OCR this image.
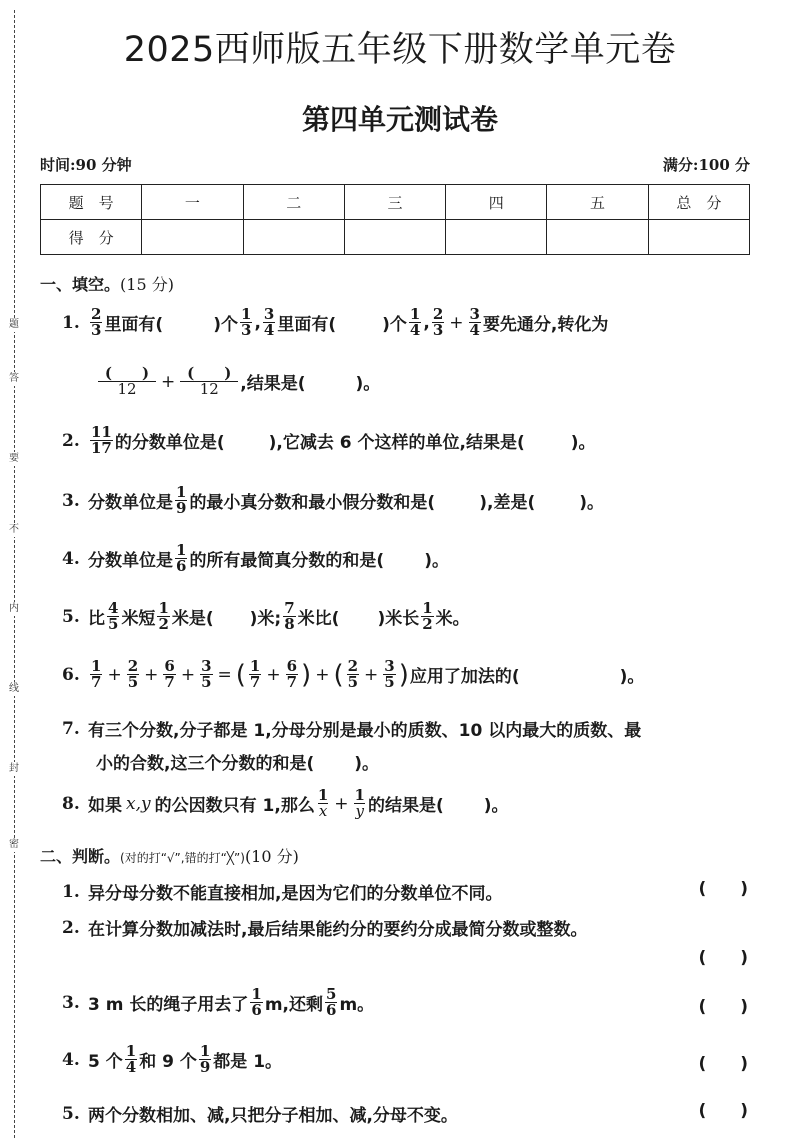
题
答
要
不
内
线
封
密
2025西师版五年级下册数学单元卷
第四单元测试卷
时间:90 分钟	满分:100 分
题　号	一	二	三	四	五	总　分
得　分						
一、填空。(15 分)
1. $\frac{2}{3}$ 里面有(	)个 $\frac{1}{3}$ , $\frac{3}{4}$ 里面有(	)个 $\frac{1}{4}$ , $\frac{2}{3} + \frac{3}{4}$ 要先通分,转化为
$\frac{( )}{12} + \frac{( )}{12}$ ,结果是(	)。
2. $\frac{11}{17}$ 的分数单位是(	),它减去 6 个这样的单位,结果是(	)。
3. 分数单位是 $\frac{1}{9}$ 的最小真分数和最小假分数和是(	),差是(	)。
4. 分数单位是 $\frac{1}{6}$ 的所有最简真分数的和是( )。
5. 比 $\frac{4}{5}$ 米短 $\frac{1}{2}$ 米是( )米; $\frac{7}{8}$ 米比( )米长 $\frac{1}{2}$ 米。
6. $\frac{1}{7} + \frac{2}{5} + \frac{6}{7} + \frac{3}{5}$ = ( $\frac{1}{7} + \frac{6}{7}$ ) + ( $\frac{2}{5} + \frac{3}{5}$ ) 应用了加法的(	)。
7. 有三个分数,分子都是 1,分母分别是最小的质数、10 以内最大的质数、最
小的合数,这三个分数的和是( )。
8. 如果 x,y 的公因数只有 1,那么 $\frac{1}{x} + \frac{1}{y}$ 的结果是( )。
二、判断。(对的打“√”,错的打“╳”)(10 分)
1. 异分母分数不能直接相加,是因为它们的分数单位不同。	( )
2. 在计算分数加减法时,最后结果能约分的要约分成最简分数或整数。
( )
3. 3 m 长的绳子用去了 $\frac{1}{6} m$,还剩 $\frac{5}{6}$ m。	( )
4. 5 个 $\frac{1}{4}$ 和 9 个 $\frac{1}{9}$ 都是 1。	( )
5. 两个分数相加、减,只把分子相加、减,分母不变。	( )
